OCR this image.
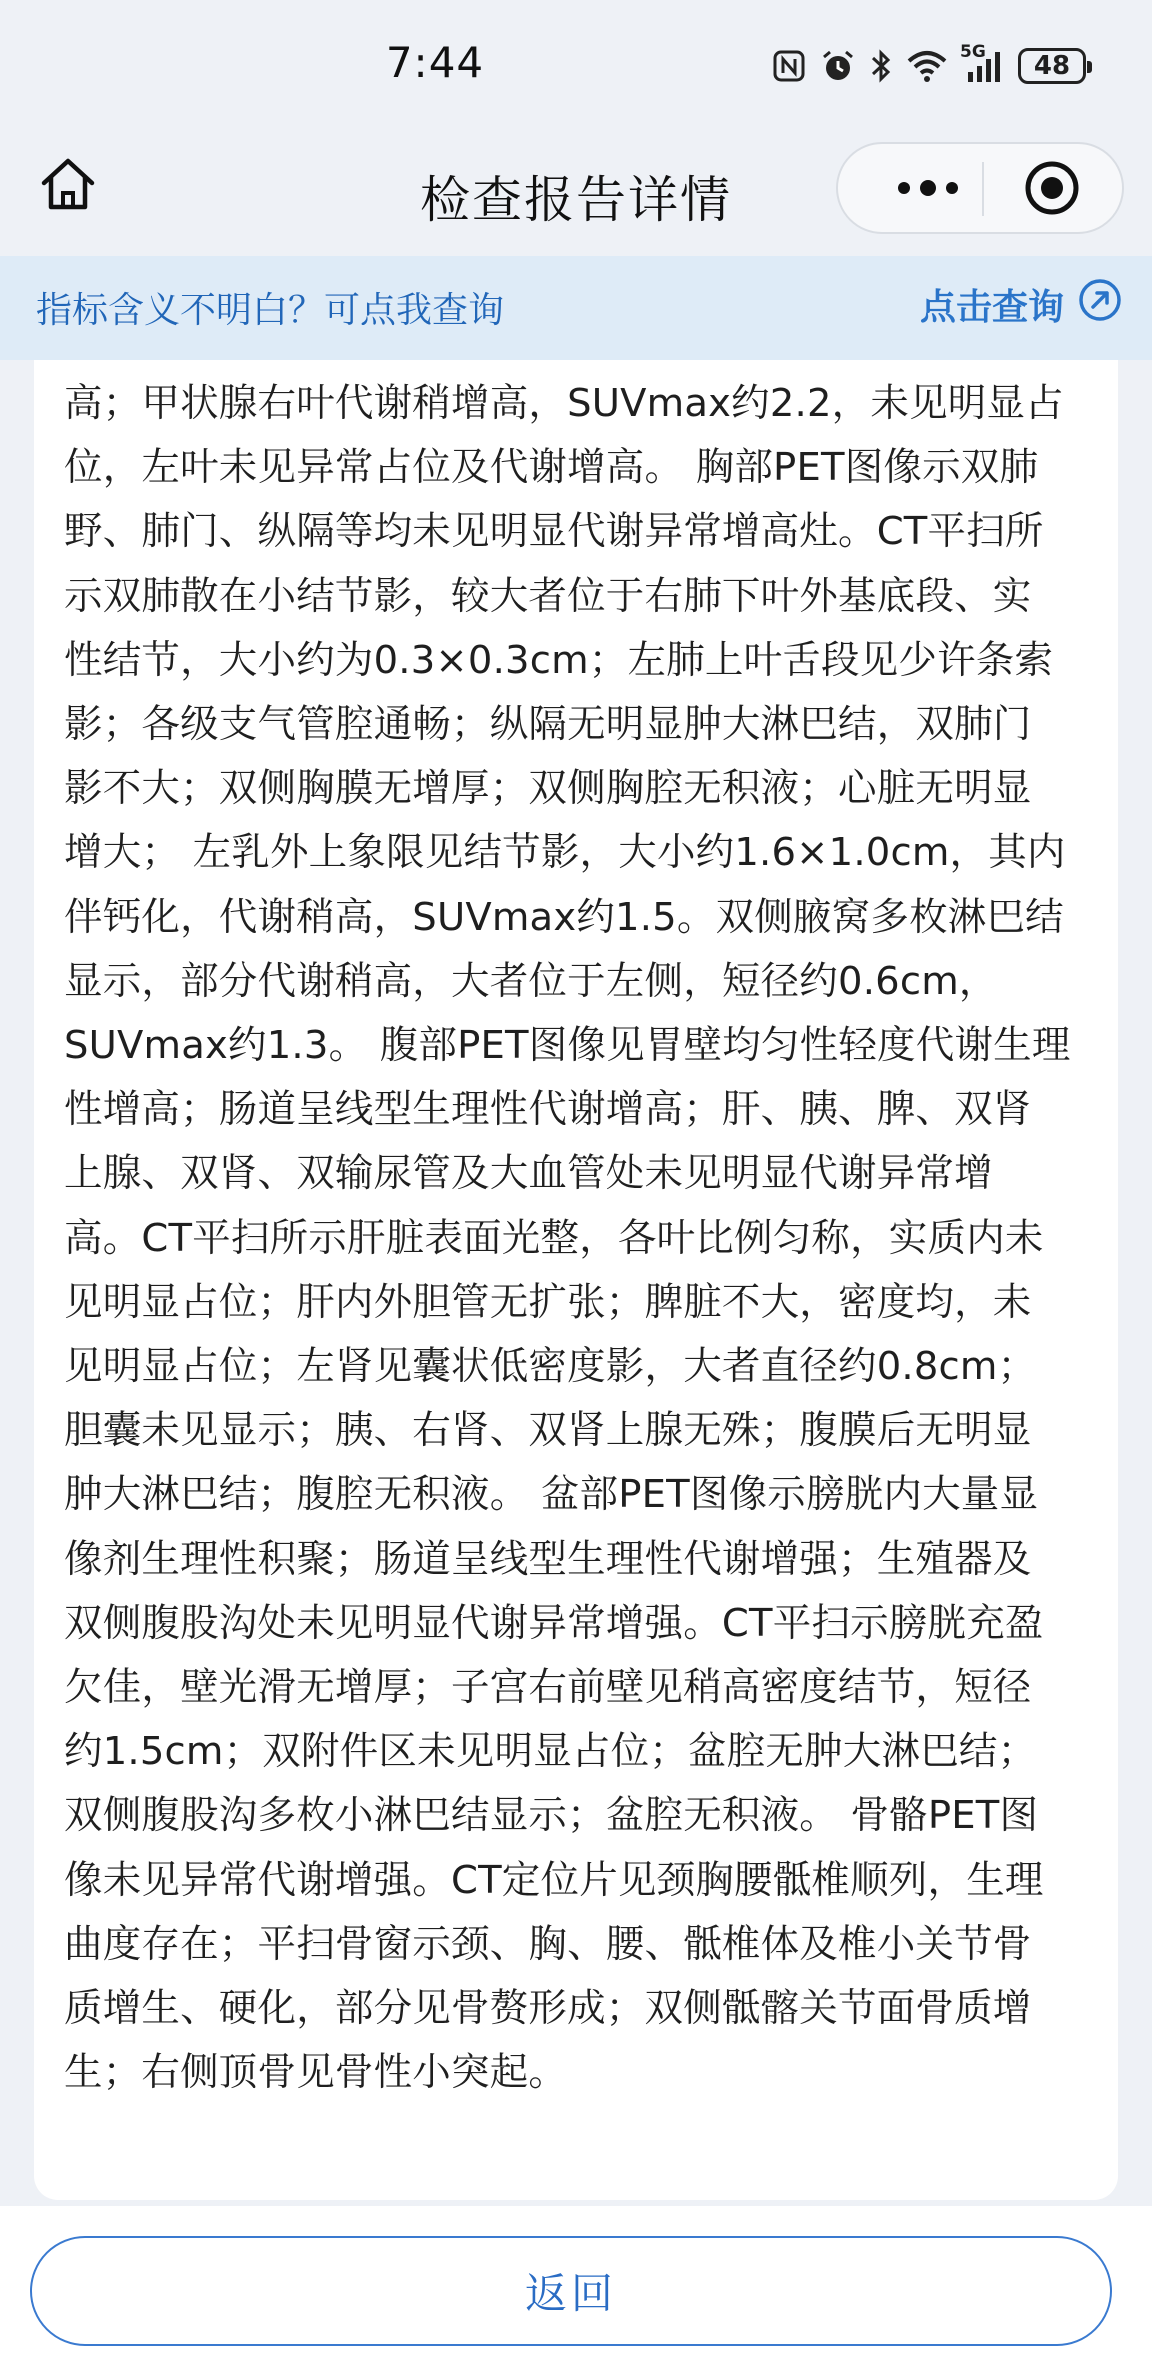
7:44	5G 48
检查报告详情
指标含义不明白？可点我查询	点击查询
高；甲状腺右叶代谢稍增高，SUVmax约2.2，未见明显占
位，左叶未见异常占位及代谢增高。 胸部PET图像示双肺
野、肺门、纵隔等均未见明显代谢异常增高灶。CT平扫所
示双肺散在小结节影，较大者位于右肺下叶外基底段、实
性结节，大小约为0.3×0.3cm；左肺上叶舌段见少许条索
影；各级支气管腔通畅；纵隔无明显肿大淋巴结，双肺门
影不大；双侧胸膜无增厚；双侧胸腔无积液；心脏无明显
增大； 左乳外上象限见结节影，大小约1.6×1.0cm，其内
伴钙化，代谢稍高，SUVmax约1.5。双侧腋窝多枚淋巴结
显示，部分代谢稍高，大者位于左侧，短径约0.6cm，
SUVmax约1.3。 腹部PET图像见胃壁均匀性轻度代谢生理
性增高；肠道呈线型生理性代谢增高；肝、胰、脾、双肾
上腺、双肾、双输尿管及大血管处未见明显代谢异常增
高。CT平扫所示肝脏表面光整，各叶比例匀称，实质内未
见明显占位；肝内外胆管无扩张；脾脏不大，密度均，未
见明显占位；左肾见囊状低密度影，大者直径约0.8cm；
胆囊未见显示；胰、右肾、双肾上腺无殊；腹膜后无明显
肿大淋巴结；腹腔无积液。 盆部PET图像示膀胱内大量显
像剂生理性积聚；肠道呈线型生理性代谢增强；生殖器及
双侧腹股沟处未见明显代谢异常增强。CT平扫示膀胱充盈
欠佳，壁光滑无增厚；子宫右前壁见稍高密度结节，短径
约1.5cm；双附件区未见明显占位；盆腔无肿大淋巴结；
双侧腹股沟多枚小淋巴结显示；盆腔无积液。 骨骼PET图
像未见异常代谢增强。CT定位片见颈胸腰骶椎顺列，生理
曲度存在；平扫骨窗示颈、胸、腰、骶椎体及椎小关节骨
质增生、硬化，部分见骨赘形成；双侧骶髂关节面骨质增
生；右侧顶骨见骨性小突起。
返回
